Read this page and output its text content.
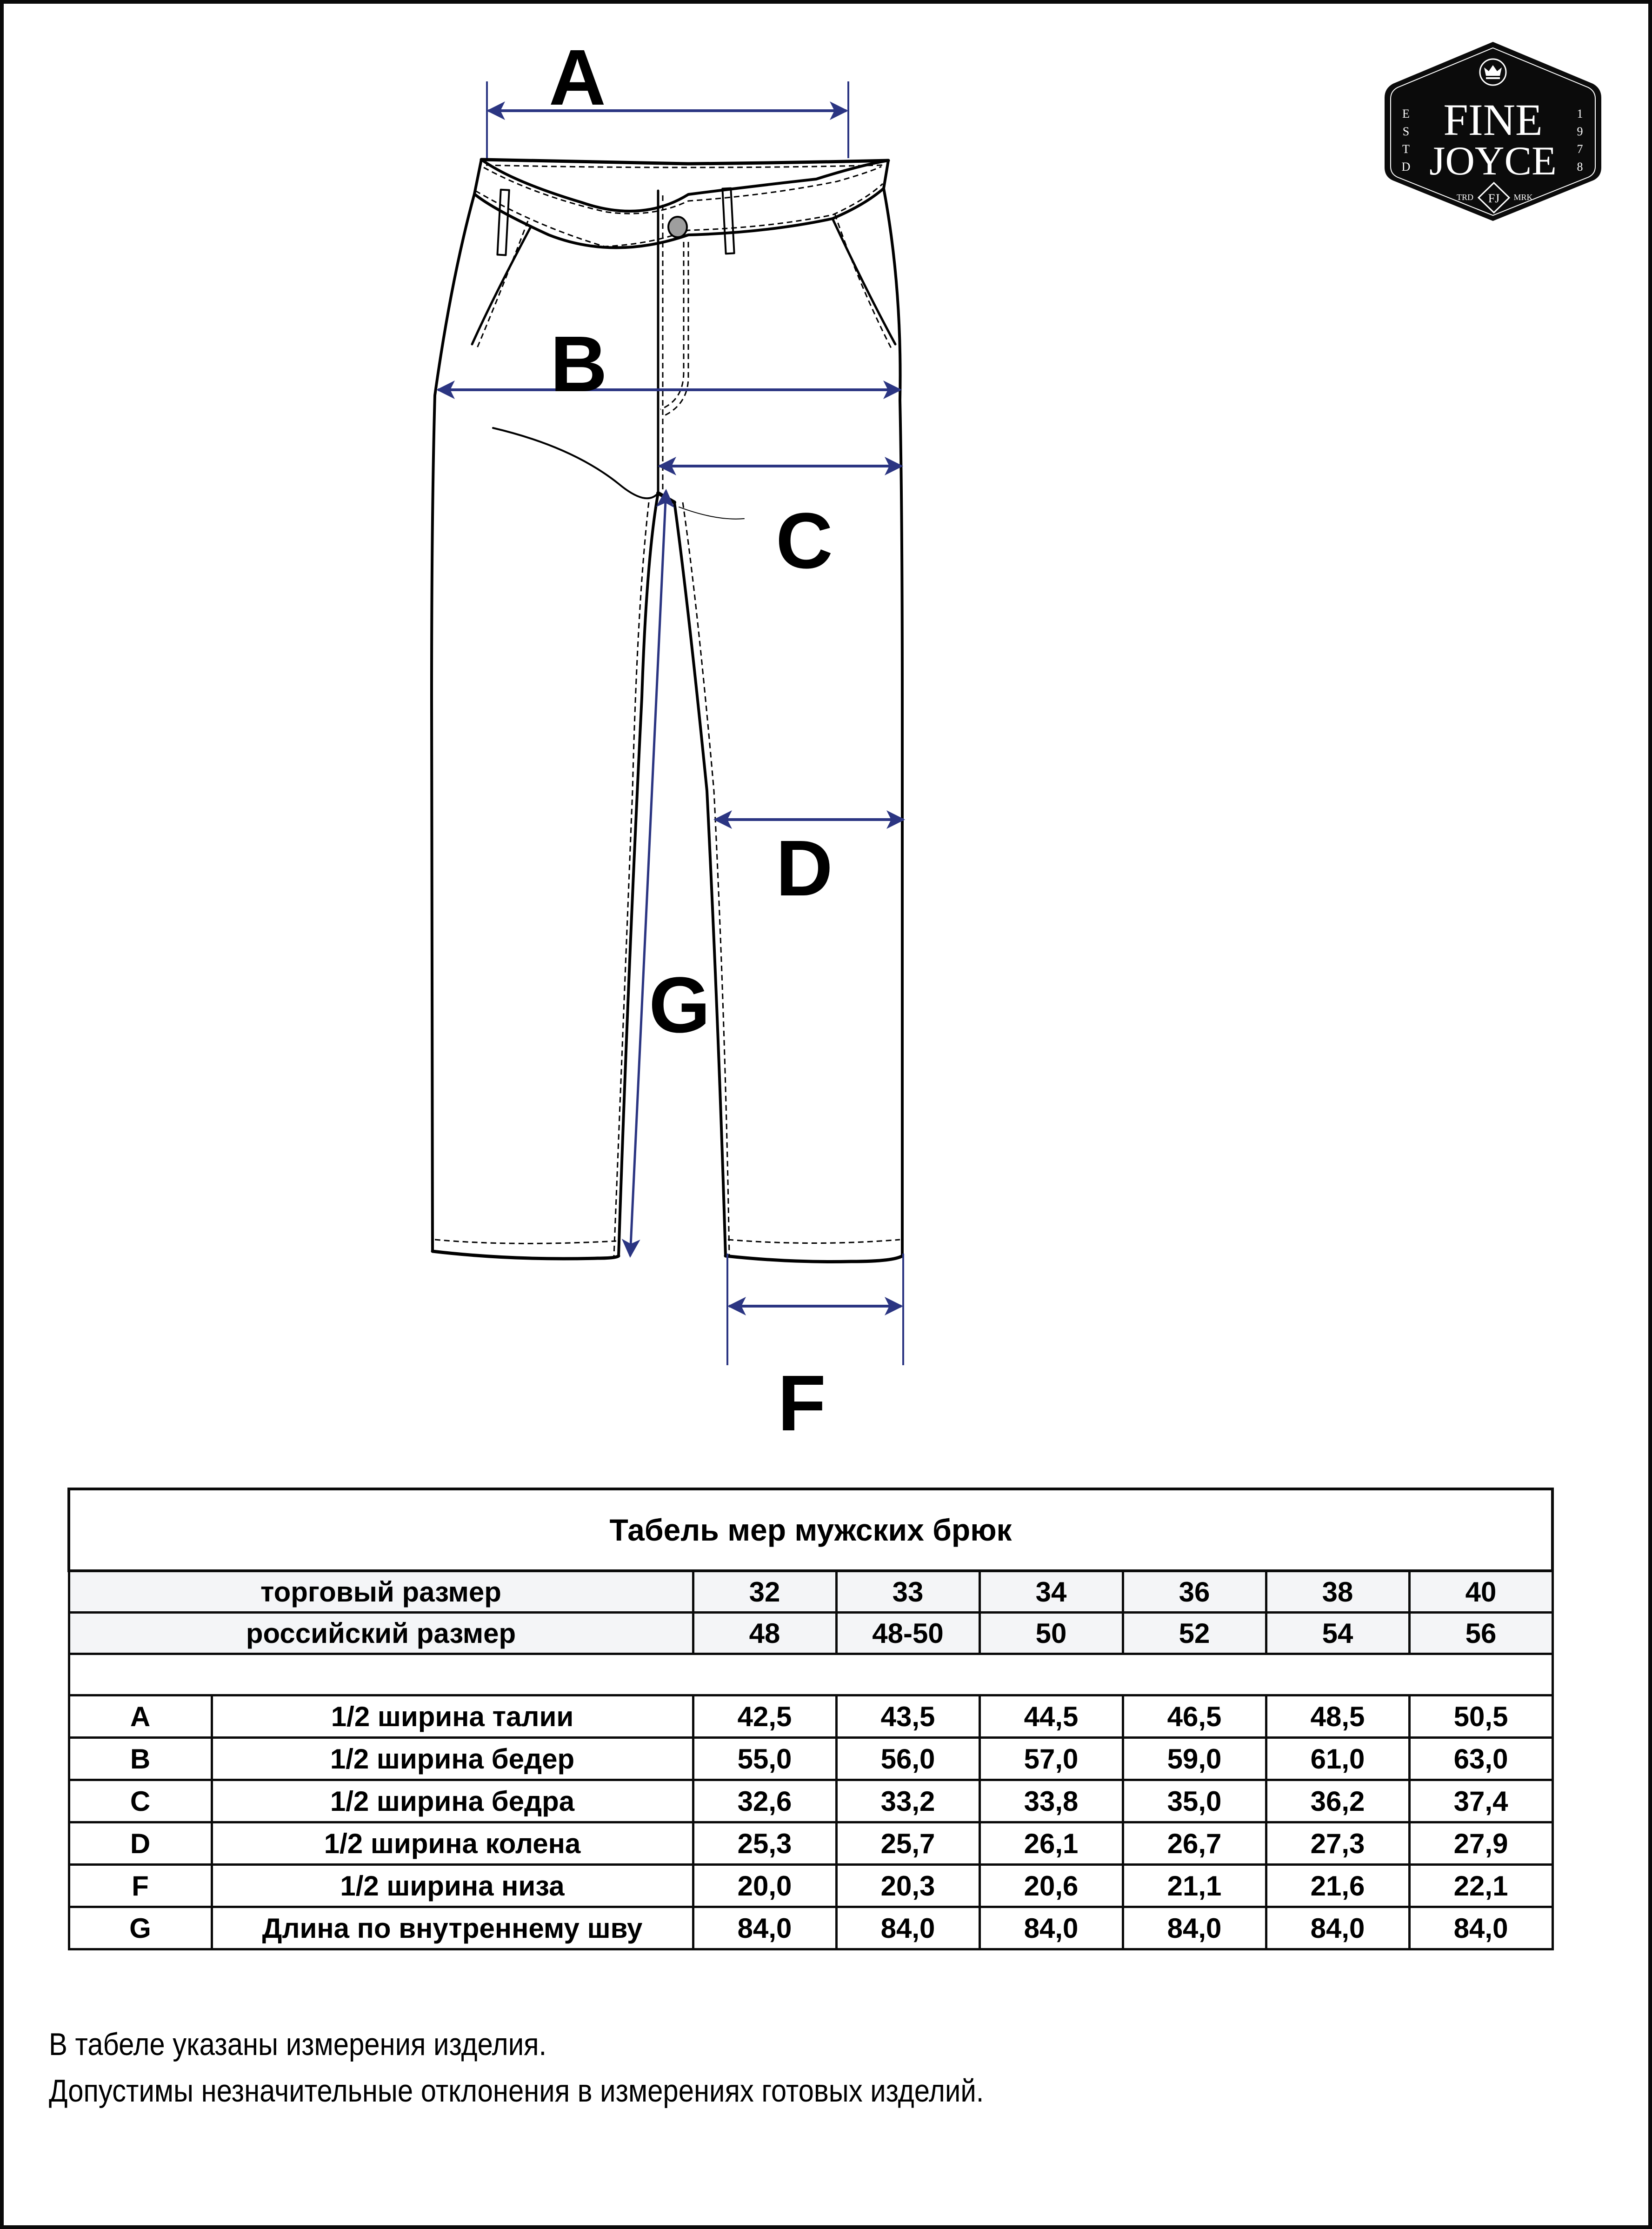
A
B
C
D
G
F
FINE
JOYCE
E
S
T
D
1
9
7
8
TRD	MRK
FJ
Табель мер мужских брюк							
торговый размер		32	33	34	36	38	40
российский размер		48	48-50	50	52	54	56

A	1/2 ширина талии	42,5	43,5	44,5	46,5	48,5	50,5
B	1/2 ширина бедер	55,0	56,0	57,0	59,0	61,0	63,0
C	1/2 ширина бедра	32,6	33,2	33,8	35,0	36,2	37,4
D	1/2 ширина колена	25,3	25,7	26,1	26,7	27,3	27,9
F	1/2 ширина низа	20,0	20,3	20,6	21,1	21,6	22,1
G	Длина по внутреннему шву	84,0	84,0	84,0	84,0	84,0	84,0
В табеле указаны измерения изделия.
Допустимы незначительные отклонения в измерениях готовых изделий.
